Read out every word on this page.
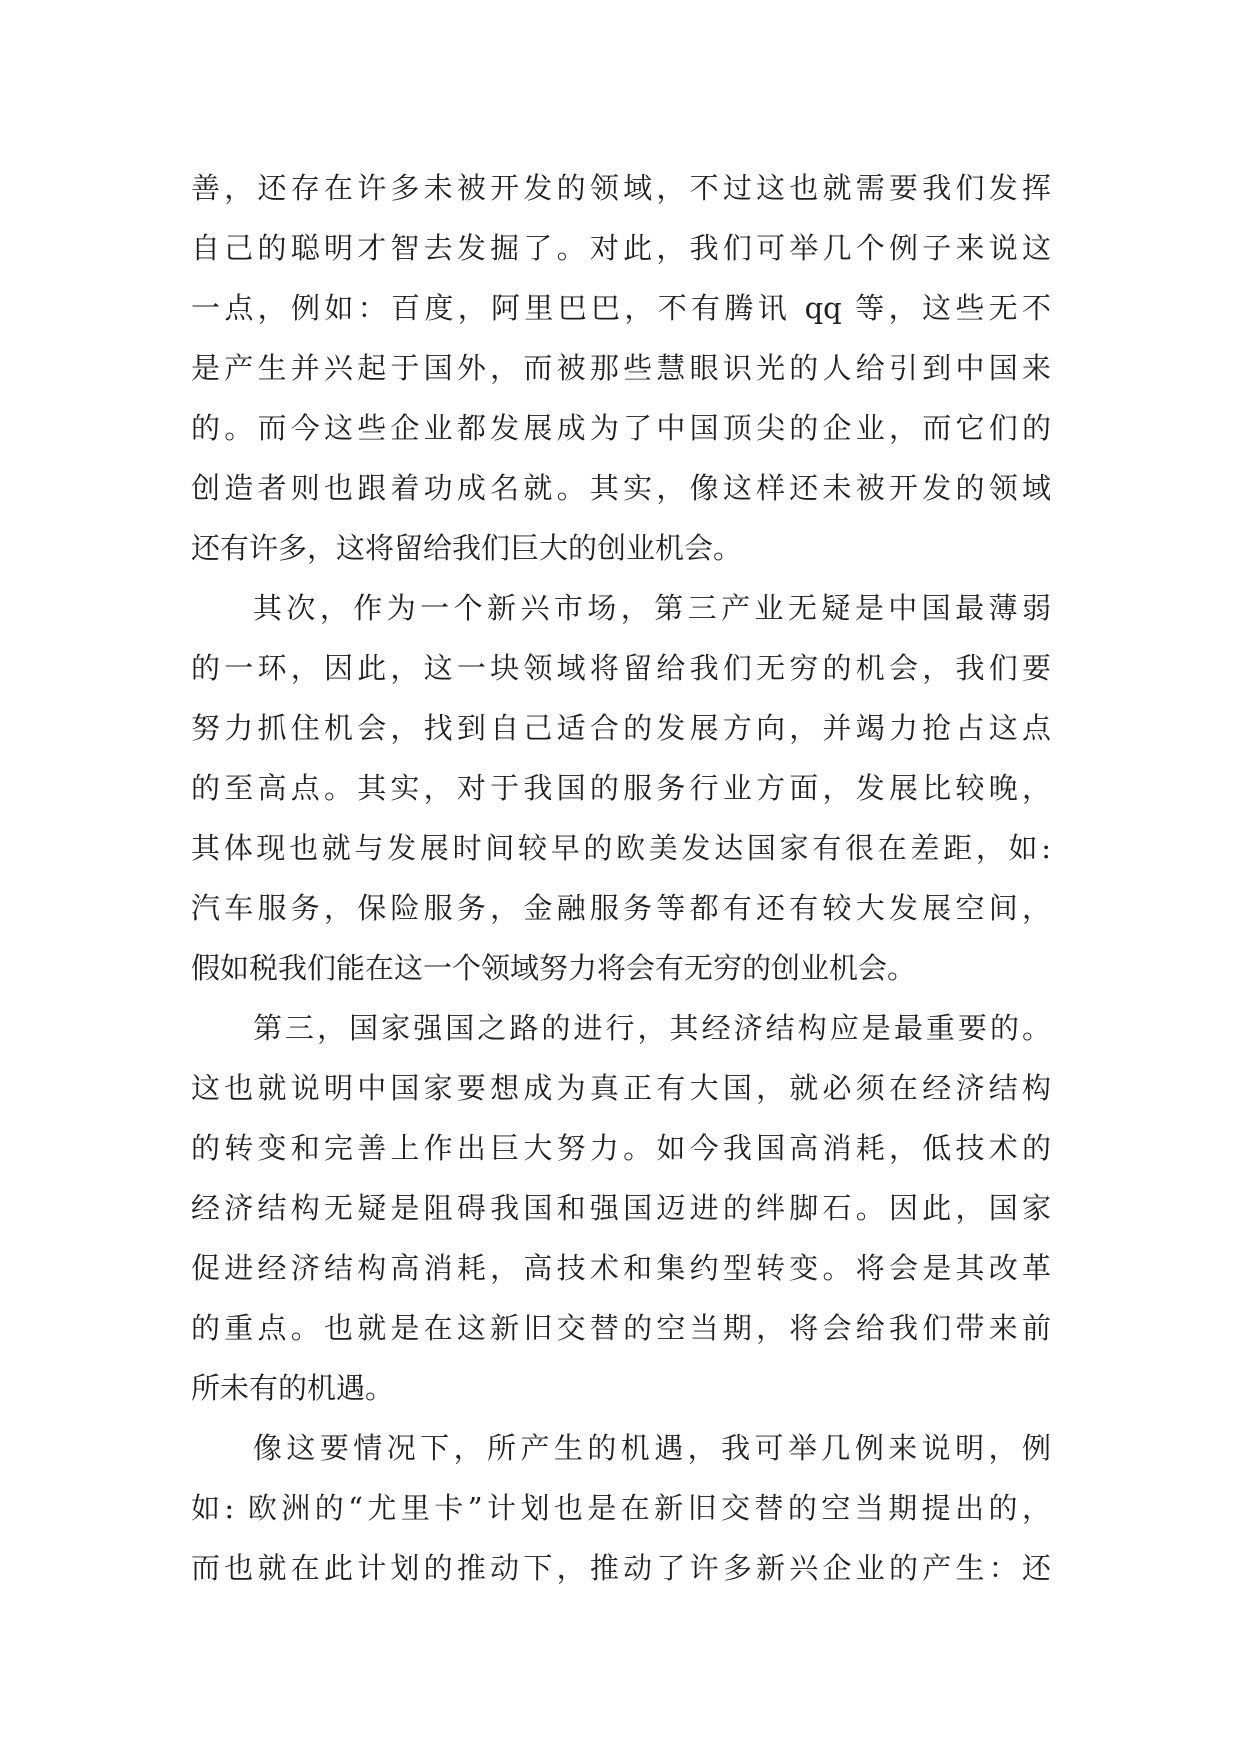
善，还存在许多未被开发的领域，不过这也就需要我们发挥
自己的聪明才智去发掘了。对此，我们可举几个例子来说这
一点，例如：百度，阿里巴巴，不有腾讯 qq 等，这些无不
是产生并兴起于国外，而被那些慧眼识光的人给引到中国来
的。而今这些企业都发展成为了中国顶尖的企业，而它们的
创造者则也跟着功成名就。其实，像这样还未被开发的领域
还有许多，这将留给我们巨大的创业机会。
其次，作为一个新兴市场，第三产业无疑是中国最薄弱
的一环，因此，这一块领域将留给我们无穷的机会，我们要
努力抓住机会，找到自己适合的发展方向，并竭力抢占这点
的至高点。其实，对于我国的服务行业方面，发展比较晚，
其体现也就与发展时间较早的欧美发达国家有很在差距，如:
汽车服务，保险服务，金融服务等都有还有较大发展空间，
假如税我们能在这一个领域努力将会有无穷的创业机会。
第三，国家强国之路的进行，其经济结构应是最重要的。
这也就说明中国家要想成为真正有大国，就必须在经济结构
的转变和完善上作出巨大努力。如今我国高消耗，低技术的
经济结构无疑是阻碍我国和强国迈进的绊脚石。因此，国家
促进经济结构高消耗，高技术和集约型转变。将会是其改革
的重点。也就是在这新旧交替的空当期，将会给我们带来前
所未有的机遇。
像这要情况下，所产生的机遇，我可举几例来说明，例
如: 欧洲的“尤里卡”计划也是在新旧交替的空当期提出的，
而也就在此计划的推动下，推动了许多新兴企业的产生：还
